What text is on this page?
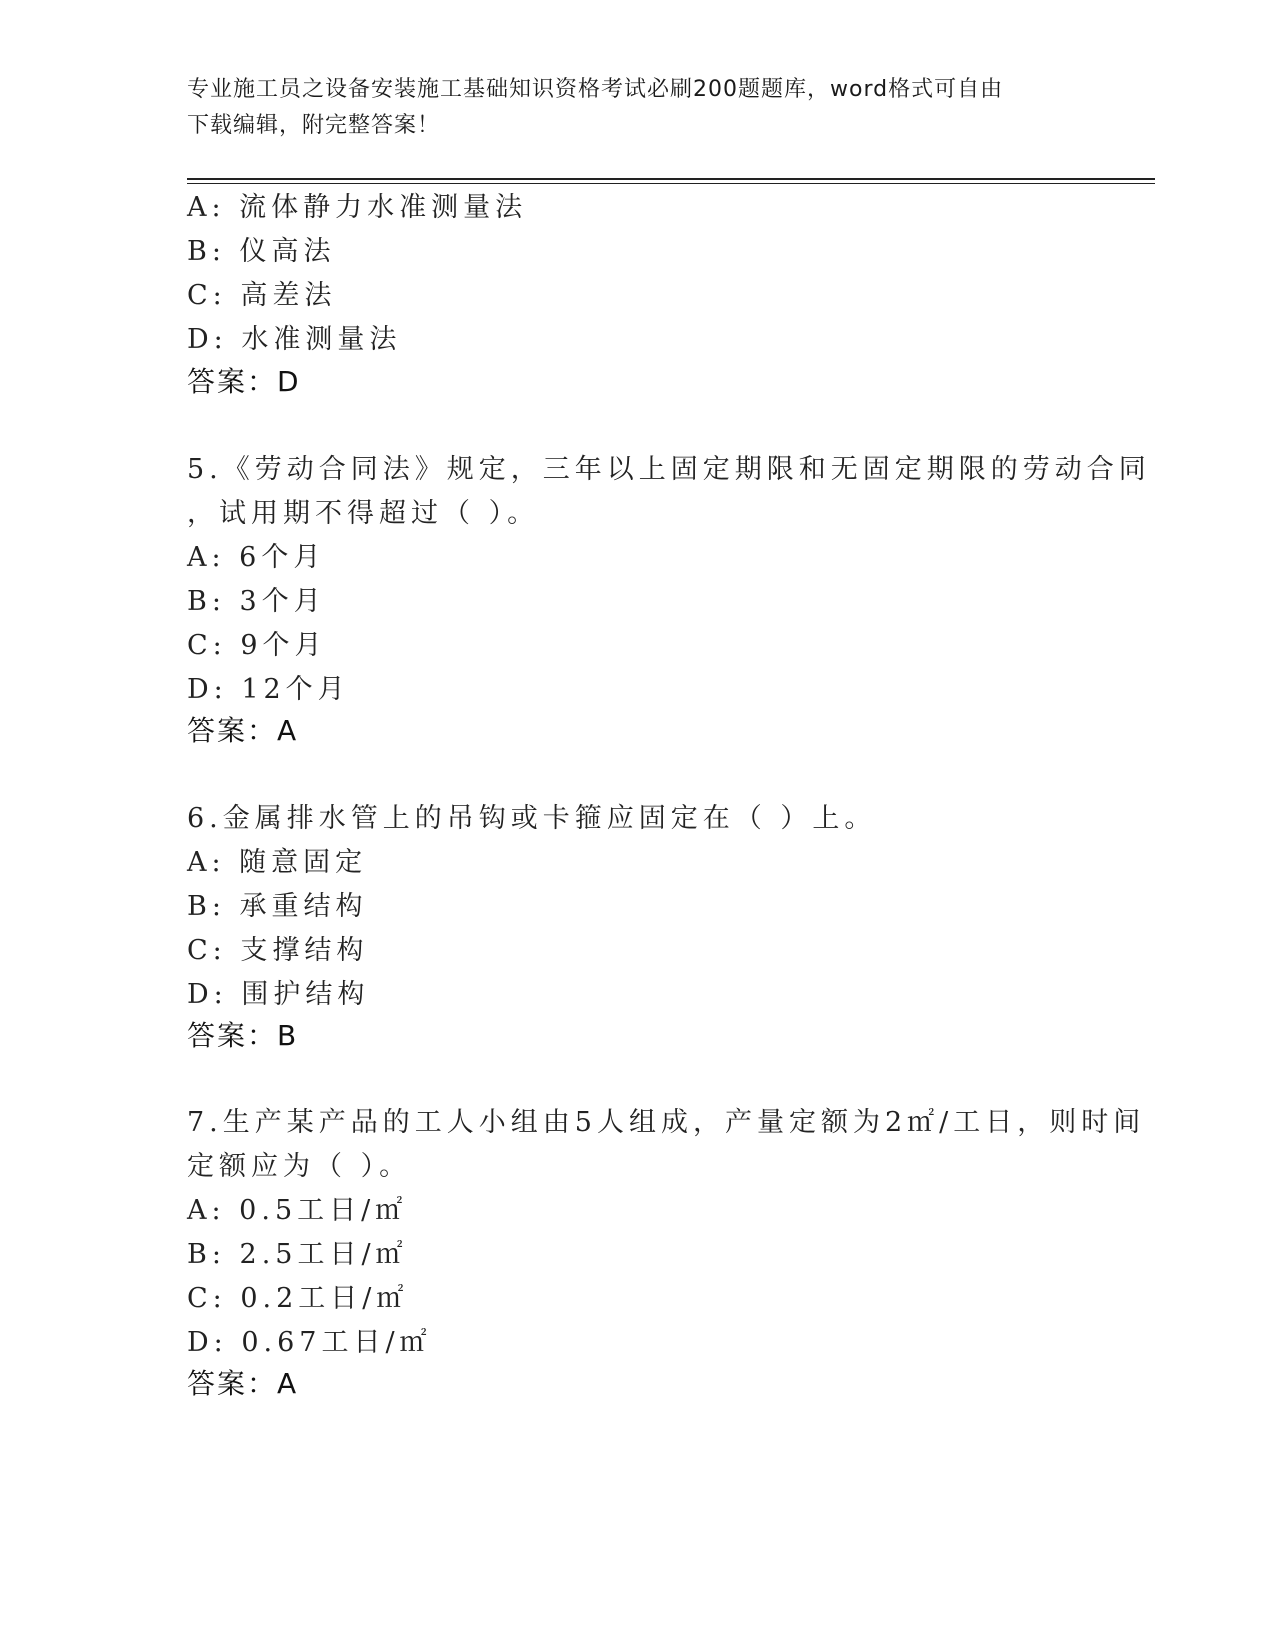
专业施工员之设备安装施工基础知识资格考试必刷200题题库，word格式可自由
下载编辑，附完整答案！
A: 流体静力水准测量法
B: 仪高法
C: 高差法
D: 水准测量法
答案：D
5.《劳动合同法》规定，三年以上固定期限和无固定期限的劳动合同
，试用期不得超过（ ）。
A: 6个月
B: 3个月
C: 9个月
D: 12个月
答案：A
6.金属排水管上的吊钩或卡箍应固定在（ ）上。
A: 随意固定
B: 承重结构
C: 支撑结构
D: 围护结构
答案：B
7.生产某产品的工人小组由5人组成，产量定额为2㎡/工日，则时间
定额应为（ ）。
A: 0.5工日/㎡
B: 2.5工日/㎡
C: 0.2工日/㎡
D: 0.67工日/㎡
答案：A
